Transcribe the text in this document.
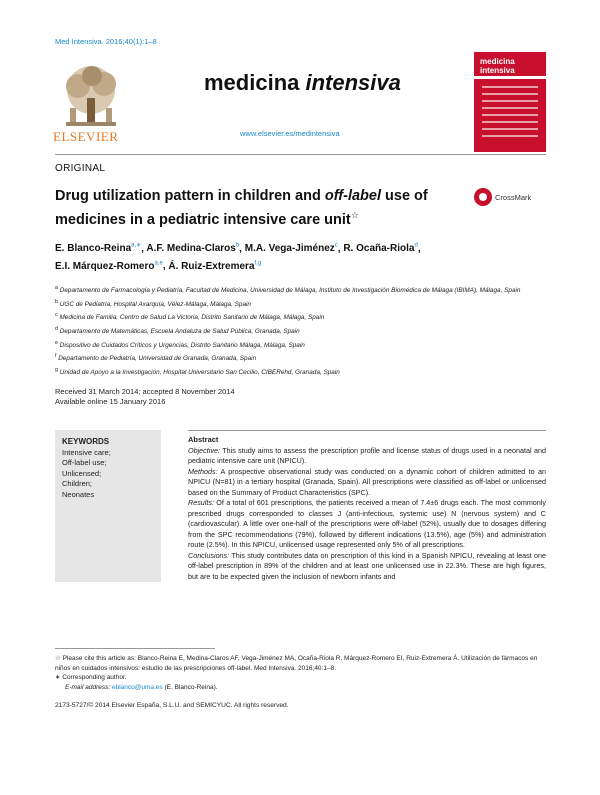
Med Intensiva. 2016;40(1):1–8
ELSEVIER
medicina intensiva
www.elsevier.es/medintensiva
medicina
intensiva
ORIGINAL
Drug utilization pattern in children and off-label use of medicines in a pediatric intensive care unit☆
CrossMark
E. Blanco-Reina$^{a,∗}$, A.F. Medina-Claros$^b$, M.A. Vega-Jiménez$^c$, R. Ocaña-Riola$^d$,
E.I. Márquez-Romero$^{a,e}$, Á. Ruiz-Extremera$^{f,g}$
$^a$ Departamento de Farmacología y Pediatría, Facultad de Medicina, Universidad de Málaga, Instituto de Investigación Biomédica de Málaga (IBIMA), Málaga, Spain
$^b$ UGC de Pediatría, Hospital Axarquía, Vélez-Málaga, Málaga, Spain
$^c$ Medicina de Familia, Centro de Salud La Victoria, Distrito Sanitario de Málaga, Málaga, Spain
$^d$ Departamento de Matemáticas, Escuela Andaluza de Salud Pública, Granada, Spain
$^e$ Dispositivo de Cuidados Críticos y Urgencias, Distrito Sanitario Málaga, Málaga, Spain
$^f$ Departamento de Pediatría, Universidad de Granada, Granada, Spain
$^g$ Unidad de Apoyo a la Investigación, Hospital Universitario San Cecilio, CIBERehd, Granada, Spain
Received 31 March 2014; accepted 8 November 2014
Available online 15 January 2016
KEYWORDS
Intensive care;
Off-label use;
Unlicensed;
Children;
Neonates
Abstract
Objective: This study aims to assess the prescription profile and license status of drugs used in a neonatal and pediatric intensive care unit (NPICU).
Methods: A prospective observational study was conducted on a dynamic cohort of children admitted to an NPICU (N=81) in a tertiary hospital (Granada, Spain). All prescriptions were classified as off-label or unlicensed based on the Summary of Product Characteristics (SPC).
Results: Of a total of 601 prescriptions, the patients received a mean of 7.4±6 drugs each. The most commonly prescribed drugs corresponded to classes J (anti-infectious, systemic use) N (nervous system) and C (cardiovascular). A little over one-half of the prescriptions were off-label (52%), usually due to dosages differing from the SPC recommendations (79%), followed by different indications (13.5%), age (5%) and administration route (2.5%). In this NPICU, unlicensed usage represented only 5% of all prescriptions.
Conclusions: This study contributes data on prescription of this kind in a Spanish NPICU, revealing at least one off-label prescription in 89% of the children and at least one unlicensed use in 22.3%. These are high figures, but are to be expected given the inclusion of newborn infants and
☆ Please cite this article as: Blanco-Reina E, Medina-Claros AF, Vega-Jiménez MA, Ocaña-Riola R, Márquez-Romero EI, Ruiz-Extremera Á. Utilización de fármacos en niños en cuidados intensivos: estudio de las prescripciones off-label. Med Intensiva. 2016;40:1–8.
∗ Corresponding author.
E-mail address: eblanco@uma.es (E. Blanco-Reina).
2173-5727/© 2014 Elsevier España, S.L.U. and SEMICYUC. All rights reserved.
